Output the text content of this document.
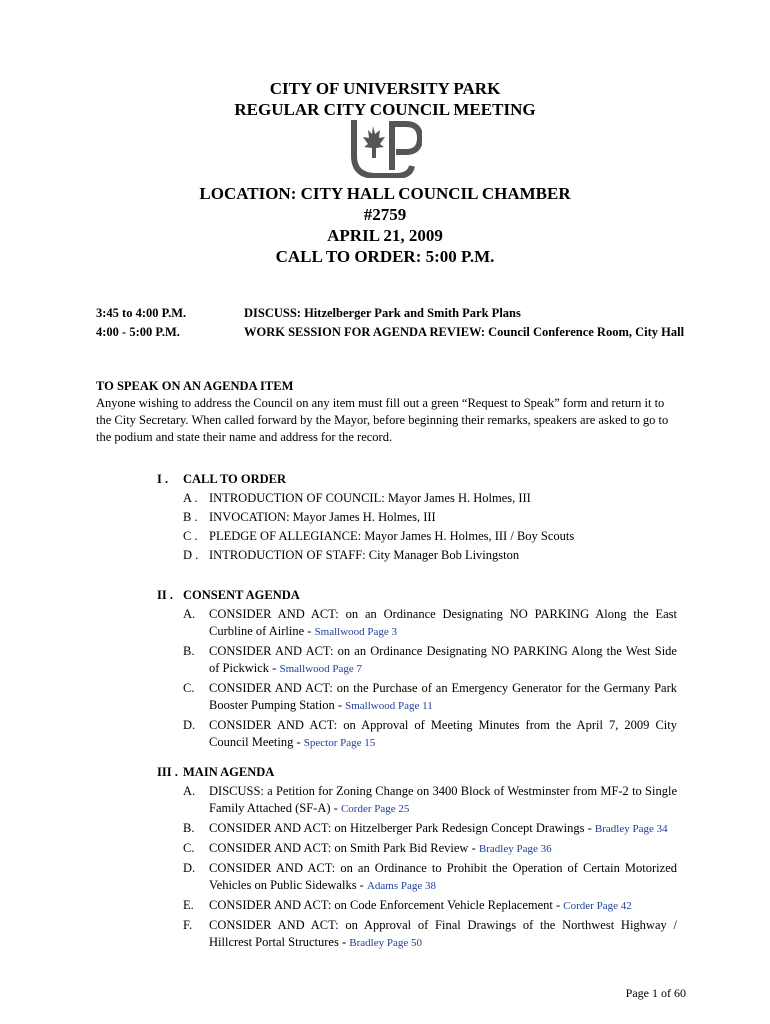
CITY OF UNIVERSITY PARK
REGULAR CITY COUNCIL MEETING
LOCATION: CITY HALL COUNCIL CHAMBER
#2759
APRIL 21, 2009
CALL TO ORDER: 5:00 P.M.
3:45 to 4:00 P.M.	DISCUSS: Hitzelberger Park and Smith Park Plans
4:00 - 5:00 P.M.	WORK SESSION FOR AGENDA REVIEW: Council Conference Room, City Hall
TO SPEAK ON AN AGENDA ITEM
Anyone wishing to address the Council on any item must fill out a green “Request to Speak” form and return it to the City Secretary. When called forward by the Mayor, before beginning their remarks, speakers are asked to go to the podium and state their name and address for the record.
I .	CALL TO ORDER
A . INTRODUCTION OF COUNCIL: Mayor James H. Holmes, III
B . INVOCATION: Mayor James H. Holmes, III
C . PLEDGE OF ALLEGIANCE: Mayor James H. Holmes, III / Boy Scouts
D . INTRODUCTION OF STAFF: City Manager Bob Livingston
II . CONSENT AGENDA
A.	CONSIDER AND ACT: on an Ordinance Designating NO PARKING Along the East Curbline of Airline - Smallwood Page 3
B.	CONSIDER AND ACT: on an Ordinance Designating NO PARKING Along the West Side of Pickwick - Smallwood Page 7
C.	CONSIDER AND ACT: on the Purchase of an Emergency Generator for the Germany Park Booster Pumping Station - Smallwood Page 11
D.	CONSIDER AND ACT: on Approval of Meeting Minutes from the April 7, 2009 City Council Meeting - Spector Page 15
III . MAIN AGENDA
A.	DISCUSS: a Petition for Zoning Change on 3400 Block of Westminster from MF-2 to Single Family Attached (SF-A) - Corder Page 25
B.	CONSIDER AND ACT: on Hitzelberger Park Redesign Concept Drawings - Bradley Page 34
C.	CONSIDER AND ACT: on Smith Park Bid Review - Bradley Page 36
D.	CONSIDER AND ACT: on an Ordinance to Prohibit the Operation of Certain Motorized Vehicles on Public Sidewalks - Adams Page 38
E.	CONSIDER AND ACT: on Code Enforcement Vehicle Replacement - Corder Page 42
F.	CONSIDER AND ACT: on Approval of Final Drawings of the Northwest Highway / Hillcrest Portal Structures - Bradley Page 50
Page 1 of 60
